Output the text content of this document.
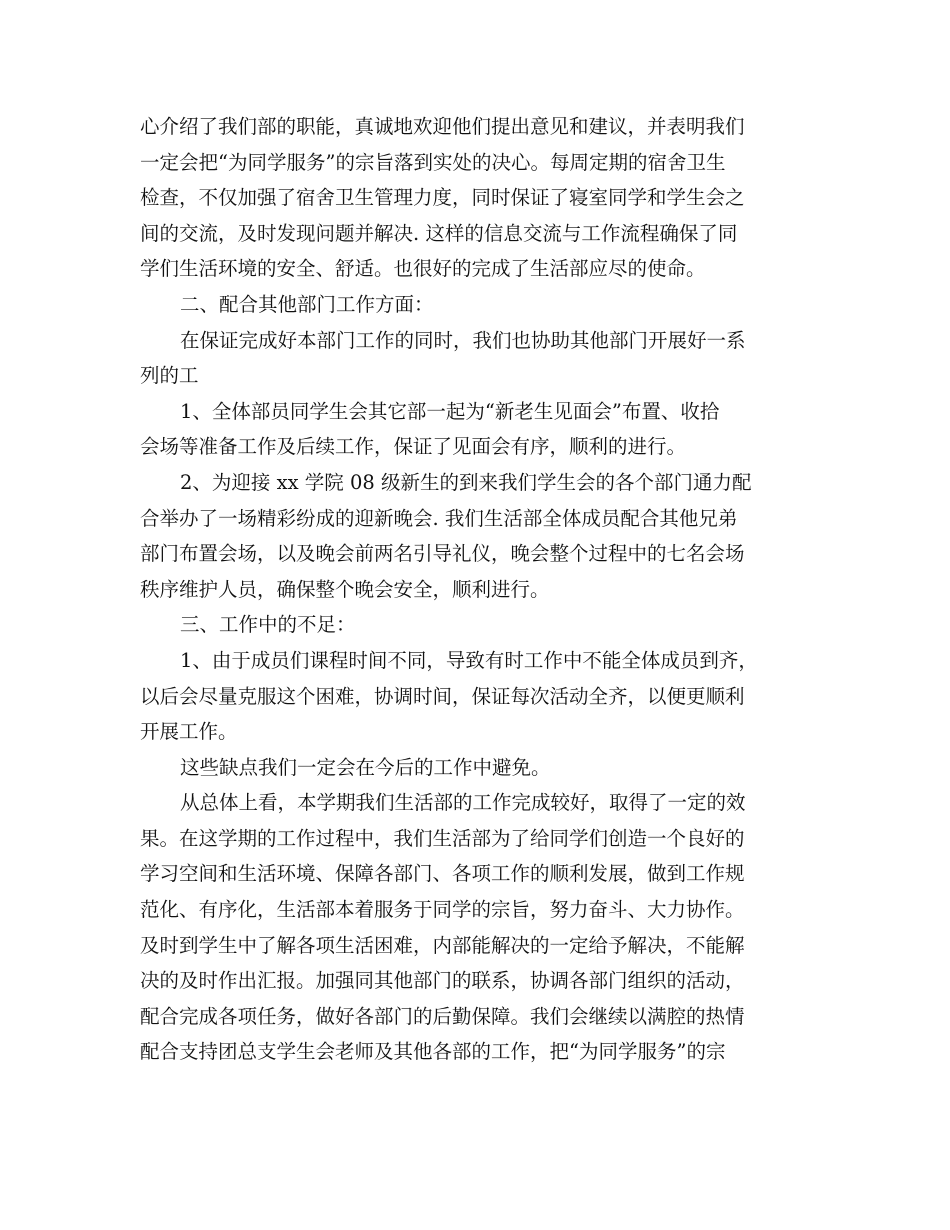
心介绍了我们部的职能，真诚地欢迎他们提出意见和建议，并表明我们
一定会把“为同学服务”的宗旨落到实处的决心。每周定期的宿舍卫生
检查，不仅加强了宿舍卫生管理力度，同时保证了寝室同学和学生会之
间的交流，及时发现问题并解决. 这样的信息交流与工作流程确保了同
学们生活环境的安全、舒适。也很好的完成了生活部应尽的使命。
二、配合其他部门工作方面：
在保证完成好本部门工作的同时，我们也协助其他部门开展好一系
列的工
1、全体部员同学生会其它部一起为“新老生见面会”布置、收拾
会场等准备工作及后续工作，保证了见面会有序，顺利的进行。
2、为迎接 xx 学院 08 级新生的到来我们学生会的各个部门通力配
合举办了一场精彩纷成的迎新晚会. 我们生活部全体成员配合其他兄弟
部门布置会场，以及晚会前两名引导礼仪，晚会整个过程中的七名会场
秩序维护人员，确保整个晚会安全，顺利进行。
三、工作中的不足：
1、由于成员们课程时间不同，导致有时工作中不能全体成员到齐，
以后会尽量克服这个困难，协调时间，保证每次活动全齐，以便更顺利
开展工作。
这些缺点我们一定会在今后的工作中避免。
从总体上看，本学期我们生活部的工作完成较好，取得了一定的效
果。在这学期的工作过程中，我们生活部为了给同学们创造一个良好的
学习空间和生活环境、保障各部门、各项工作的顺利发展，做到工作规
范化、有序化，生活部本着服务于同学的宗旨，努力奋斗、大力协作。
及时到学生中了解各项生活困难，内部能解决的一定给予解决，不能解
决的及时作出汇报。加强同其他部门的联系，协调各部门组织的活动，
配合完成各项任务，做好各部门的后勤保障。我们会继续以满腔的热情
配合支持团总支学生会老师及其他各部的工作，把“为同学服务”的宗
